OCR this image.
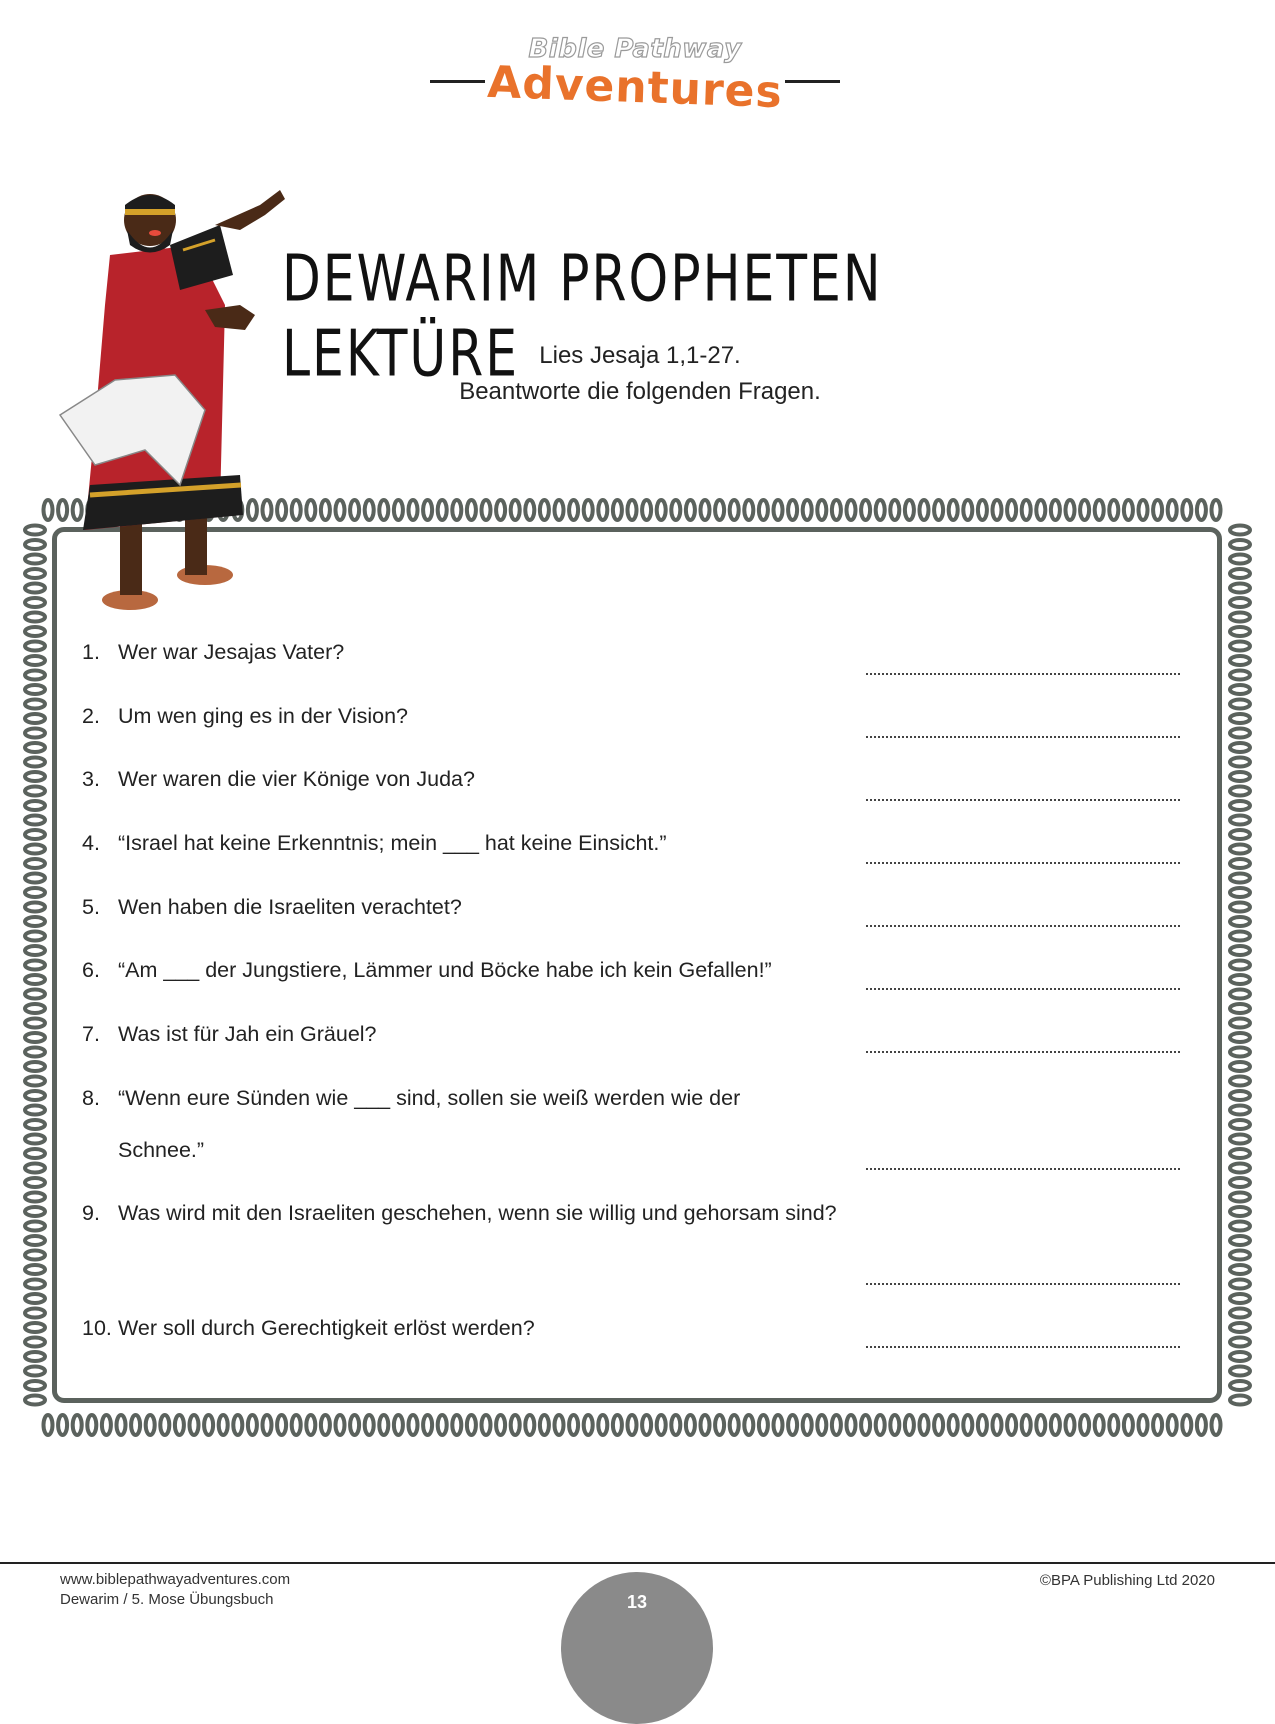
Bible Pathway
Adventures
DEWARIM PROPHETEN LEKTÜRE Lies Jesaja 1,1-27.
Beantworte die folgenden Fragen.
1. Wer war Jesajas Vater?
2. Um wen ging es in der Vision?
3. Wer waren die vier Könige von Juda?
4. “Israel hat keine Erkenntnis; mein ___ hat keine Einsicht.”
5. Wen haben die Israeliten verachtet?
6. “Am ___ der Jungstiere, Lämmer und Böcke habe ich kein Gefallen!”
7. Was ist für Jah ein Gräuel?
8. “Wenn eure Sünden wie ___ sind, sollen sie weiß werden wie der Schnee.”
9. Was wird mit den Israeliten geschehen, wenn sie willig und gehorsam sind?
10. Wer soll durch Gerechtigkeit erlöst werden?
www.biblepathwayadventures.com
Dewarim / 5. Mose Übungsbuch
©BPA Publishing Ltd 2020
13
